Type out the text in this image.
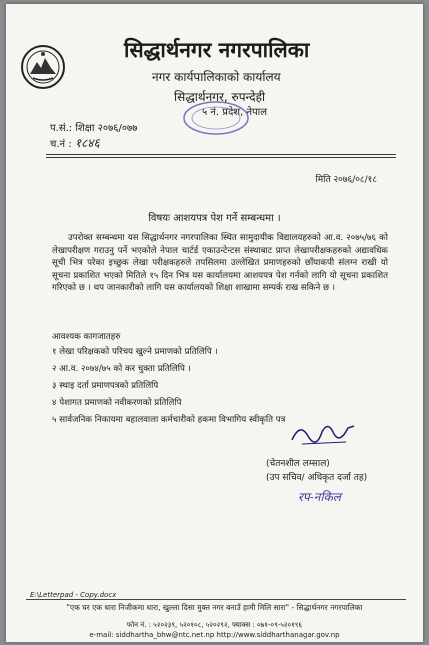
सिद्धार्थनगर नगरपालिका
नगर कार्यपालिकाको कार्यालय
सिद्धार्थनगर, रुपन्देही
५ नं. प्रदेश, नेपाल
प.सं.: शिक्षा २०७६/०७७
च.नं : १८४६
मिति २०७६/०८/१८
विषयः आशयपत्र पेश गर्ने सम्बन्धमा ।

उपरोक्त सम्बन्धमा यस सिद्धार्थनगर नगरपालिका स्थित सामुदायीक विद्यालयहरुको आ.व. २०७५/७६ को लेखापरीक्षण गराउनु पर्ने भएकोले नेपाल चार्टर्ड एकाउन्टेन्टस संस्थाबाट प्राप्त लेखापरीक्षकहरुको अद्यावधिक सूची भित्र परेका इच्छुक लेखा परीक्षकहरुले तपसिलमा उल्लेखित प्रमाणहरुको छाँयाकपी संलग्न राखी यो सूचना प्रकाशित भएको मितिले १५ दिन भित्र यस कार्यालयमा आशयपत्र पेश गर्नको लागि यो सूचना प्रकाशित गरिएको छ । थप जानकारीको लागि यस कार्यालयको शिक्षा शाखामा सम्पर्क राख सकिने छ ।

आवश्यक कागजातहरु
१ लेखा परिक्षकको परिचय खुल्ने प्रमाणको प्रतिलिपि ।
२ आ.व. २०७४/७५ को कर चुक्ता प्रतिलिपि ।
३ स्थाइ दर्ता प्रमाणपत्रको प्रतिलिपि
४ पेशागत प्रमाणको नवीकरणको प्रतिलिपि
५ सार्वजनिक निकायमा बहालवाला कर्मचारीको हकमा विभागिय स्वीकृति पत्र
(चेतनशील लम्साल)
(उप सचिव/ अधिकृत दर्जा तह)
रप-नकिल
E:\Letterpad - Copy.docx
"एक घर एक धारा निजीकमा धारा, खुल्ला दिसा मुक्त नगर बनाउँ हामी मिलि सारा" - सिद्धार्थनगर नगरपालिका
फोन नं. : ५२०२३९, ५२०१०८, ५२०२९२, फ्याक्स : ०७१-०९-५२०१९६
e-mail: siddhartha_bhw@ntc.net.np http://www.siddharthanagar.gov.np
